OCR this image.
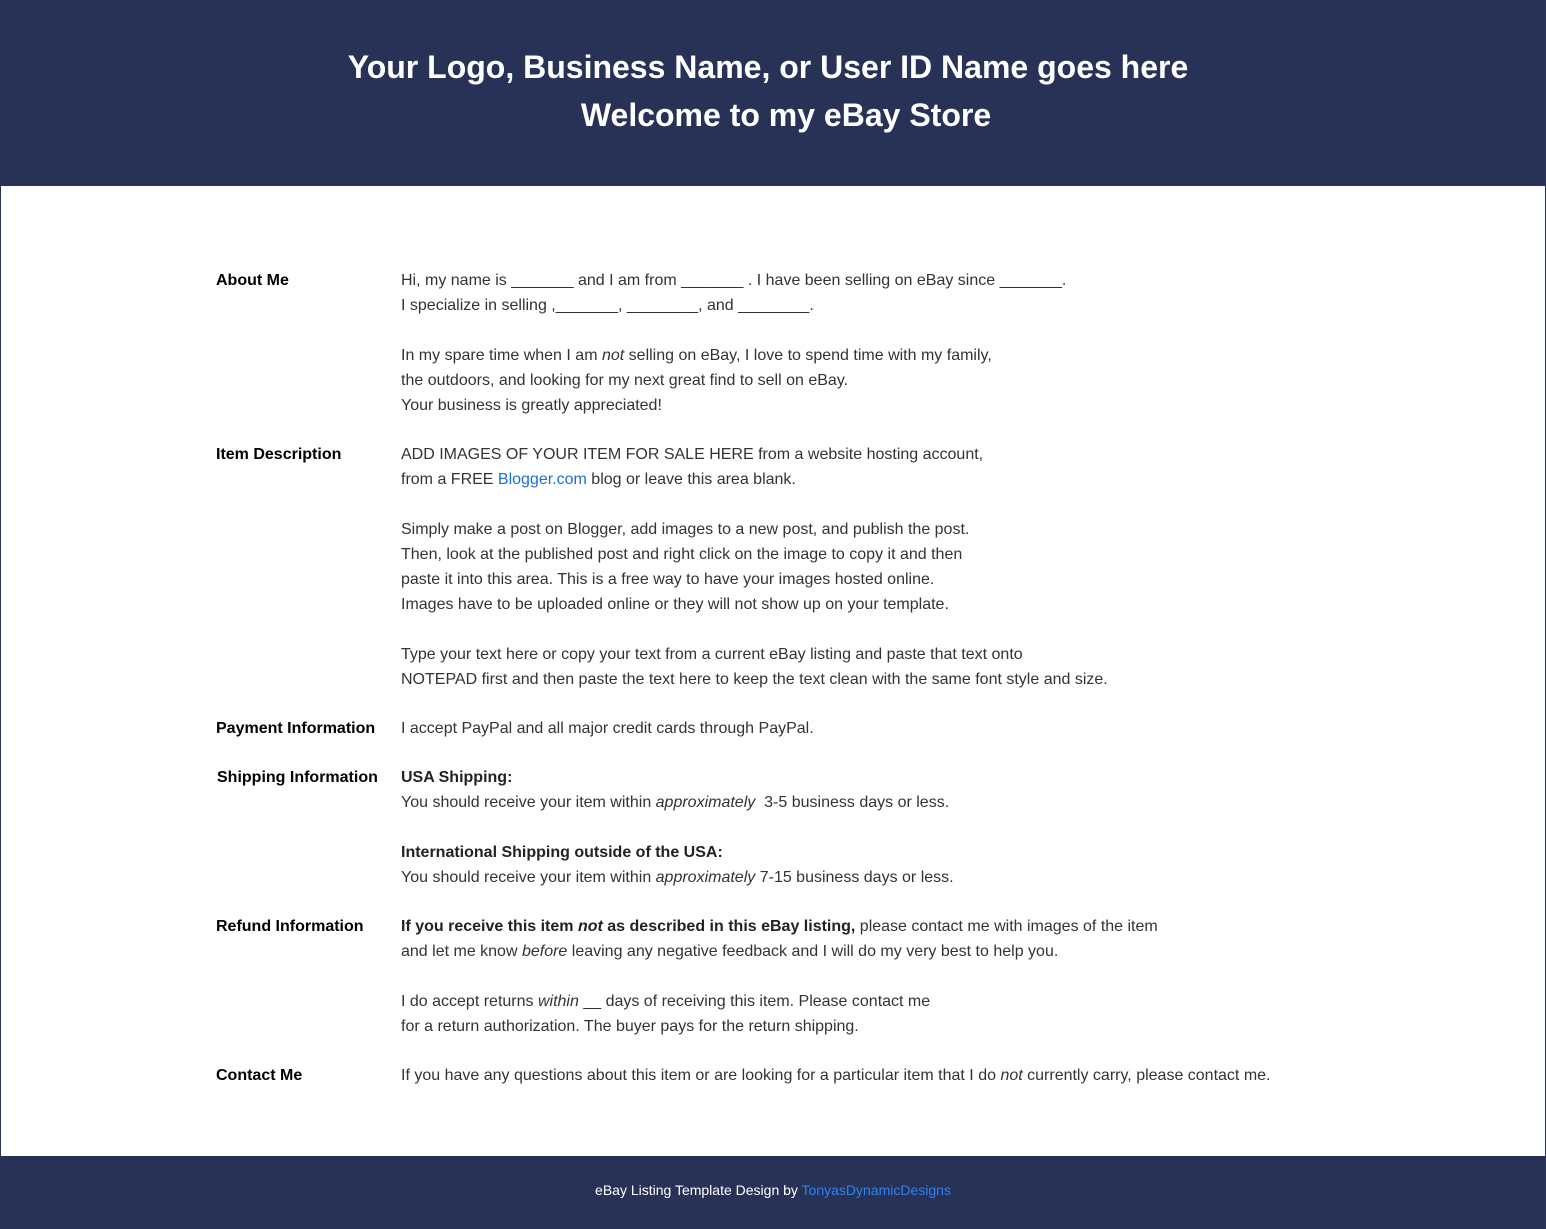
Your Logo, Business Name, or User ID Name goes here
Welcome to my eBay Store
About Me	Hi, my name is _______ and I am from _______ . I have been selling on eBay since _______.

I specialize in selling ,_______, ________, and ________.

In my spare time when I am not selling on eBay, I love to spend time with my family,

the outdoors, and looking for my next great find to sell on eBay.

Your business is greatly appreciated!

Item Description	ADD IMAGES OF YOUR ITEM FOR SALE HERE from a website hosting account,

from a FREE Blogger.com blog or leave this area blank.

Simply make a post on Blogger, add images to a new post, and publish the post.

Then, look at the published post and right click on the image to copy it and then

paste it into this area. This is a free way to have your images hosted online.

Images have to be uploaded online or they will not show up on your template.

Type your text here or copy your text from a current eBay listing and paste that text onto

NOTEPAD first and then paste the text here to keep the text clean with the same font style and size.

Payment Information	I accept PayPal and all major credit cards through PayPal.

Shipping Information	USA Shipping:

You should receive your item within approximately  3-5 business days or less.

International Shipping outside of the USA:

You should receive your item within approximately 7-15 business days or less.

Refund Information	If you receive this item not as described in this eBay listing, please contact me with images of the item

and let me know before leaving any negative feedback and I will do my very best to help you.

I do accept returns within __ days of receiving this item. Please contact me

for a return authorization. The buyer pays for the return shipping.

Contact Me	If you have any questions about this item or are looking for a particular item that I do not currently carry, please contact me.

eBay Listing Template Design by TonyasDynamicDesigns
